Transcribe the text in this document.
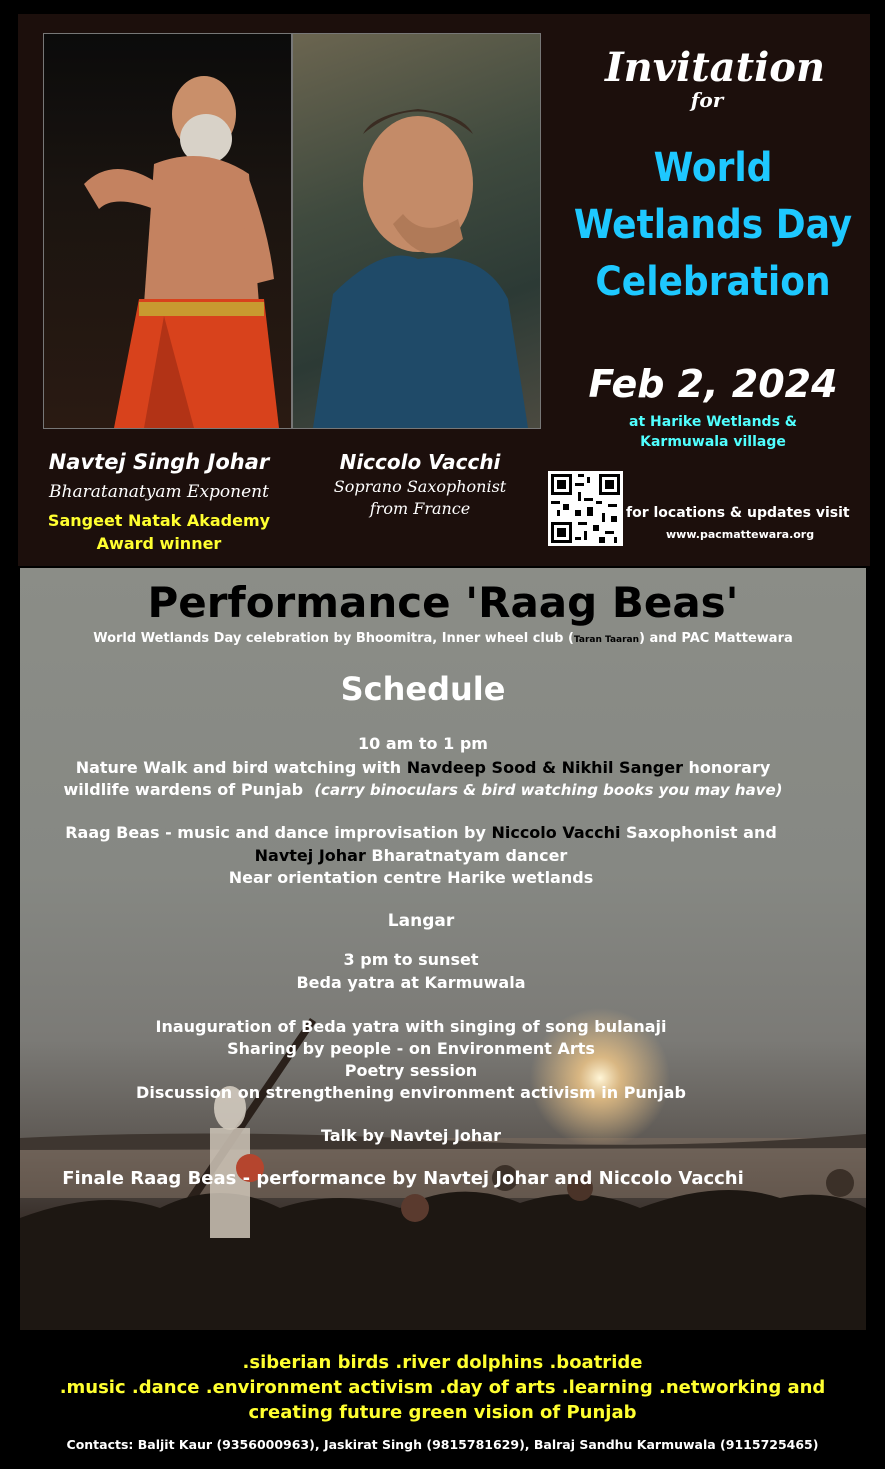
Invitation
for
World
Wetlands Day
Celebration
Feb 2, 2024
at Harike Wetlands &
Karmuwala village
for locations & updates visit
www.pacmattewara.org
Navtej Singh Johar
Bharatanatyam Exponent
Sangeet Natak Akademy
Award winner
Niccolo Vacchi
Soprano Saxophonist
from France
Performance 'Raag Beas'
World Wetlands Day celebration by Bhoomitra, Inner wheel club (Taran Taaran) and PAC Mattewara
Schedule
10 am to 1 pm
Nature Walk and bird watching with Navdeep Sood & Nikhil Sanger honorary
wildlife wardens of Punjab (carry binoculars & bird watching books you may have)
Raag Beas - music and dance improvisation by Niccolo Vacchi Saxophonist and
Navtej Johar Bharatnatyam dancer
Near orientation centre Harike wetlands
Langar
3 pm to sunset
Beda yatra at Karmuwala
Inauguration of Beda yatra with singing of song bulanaji
Sharing by people - on Environment Arts
Poetry session
Discussion on strengthening environment activism in Punjab
Talk by Navtej Johar
Finale Raag Beas - performance by Navtej Johar and Niccolo Vacchi
.siberian birds .river dolphins .boatride
.music .dance .environment activism .day of arts .learning .networking and
creating future green vision of Punjab
Contacts: Baljit Kaur (9356000963), Jaskirat Singh (9815781629), Balraj Sandhu Karmuwala (9115725465)
